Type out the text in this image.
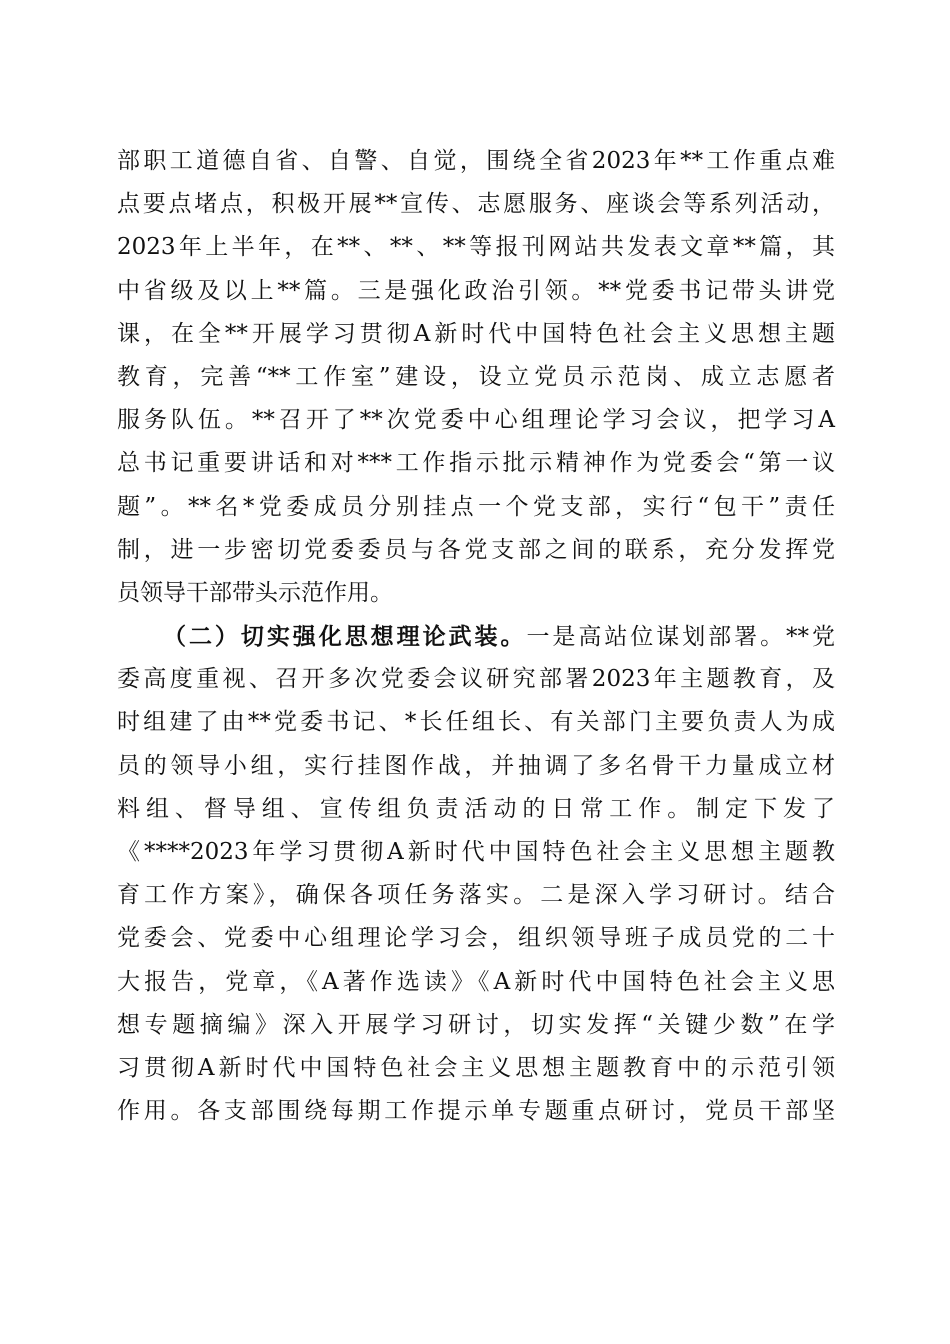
部职工道德自省、自警、自觉，围绕全省2023年**工作重点难
点要点堵点，积极开展**宣传、志愿服务、座谈会等系列活动，
2023年上半年，在**、**、**等报刊网站共发表文章**篇，其
中省级及以上**篇。三是强化政治引领。**党委书记带头讲党
课，在全**开展学习贯彻A新时代中国特色社会主义思想主题
教育，完善“**工作室”建设，设立党员示范岗、成立志愿者
服务队伍。**召开了**次党委中心组理论学习会议，把学习A
总书记重要讲话和对***工作指示批示精神作为党委会“第一议
题”。**名*党委成员分别挂点一个党支部，实行“包干”责任
制，进一步密切党委委员与各党支部之间的联系，充分发挥党
员领导干部带头示范作用。
（二）切实强化思想理论武装。一是高站位谋划部署。**党
委高度重视、召开多次党委会议研究部署2023年主题教育，及
时组建了由**党委书记、*长任组长、有关部门主要负责人为成
员的领导小组，实行挂图作战，并抽调了多名骨干力量成立材
料组、督导组、宣传组负责活动的日常工作。制定下发了
《****2023年学习贯彻A新时代中国特色社会主义思想主题教
育工作方案》，确保各项任务落实。二是深入学习研讨。结合
党委会、党委中心组理论学习会，组织领导班子成员党的二十
大报告，党章，《A著作选读》《A新时代中国特色社会主义思
想专题摘编》深入开展学习研讨，切实发挥“关键少数”在学
习贯彻A新时代中国特色社会主义思想主题教育中的示范引领
作用。各支部围绕每期工作提示单专题重点研讨，党员干部坚
